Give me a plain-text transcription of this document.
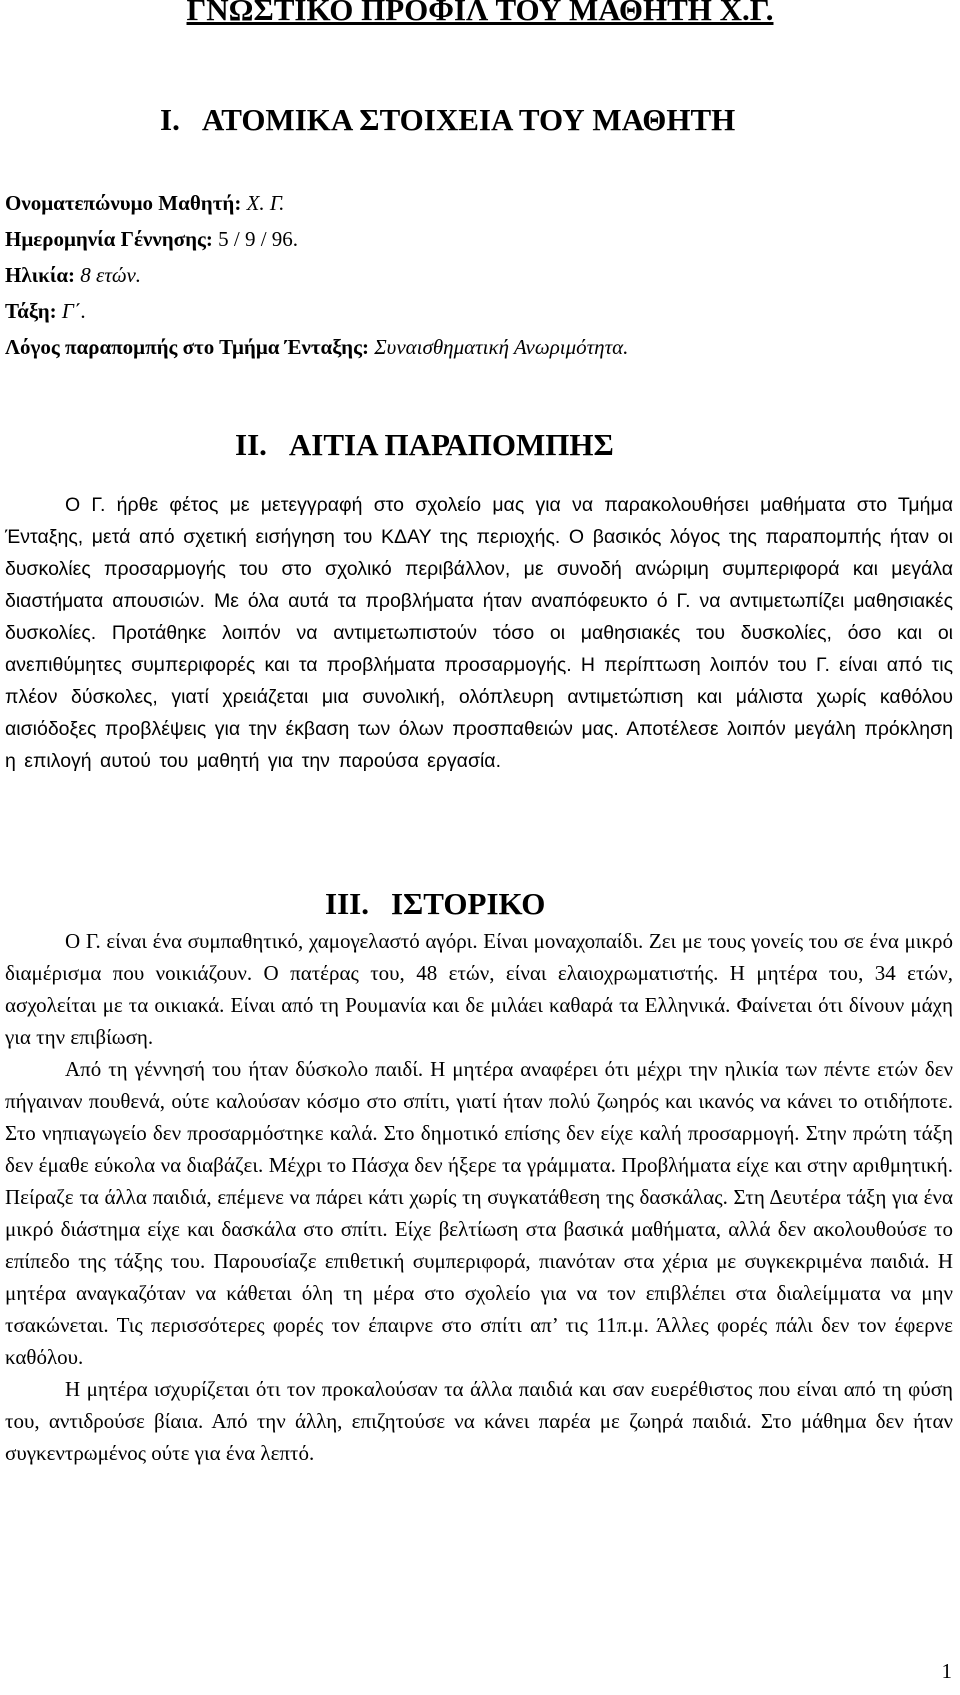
ΓΝΩΣΤΙΚΟ ΠΡΟΦΙΛ ΤΟΥ ΜΑΘΗΤΗ Χ.Γ.
I. ΑΤΟΜΙΚΑ ΣΤΟΙΧΕΙΑ ΤΟΥ ΜΑΘΗΤΗ
Ονοματεπώνυμο Μαθητή: Χ. Γ.
Ημερομηνία Γέννησης: 5 / 9 / 96.
Ηλικία: 8 ετών.
Τάξη: Γ΄.
Λόγος παραπομπής στο Τμήμα Ένταξης: Συναισθηματική Ανωριμότητα.
II. ΑΙΤΙΑ ΠΑΡΑΠΟΜΠΗΣ

Ο Γ. ήρθε φέτος με μετεγγραφή στο σχολείο μας για να παρακολουθήσει μαθήματα στο Τμήμα Ένταξης, μετά από σχετική εισήγηση του ΚΔΑΥ της περιοχής. Ο βασικός λόγος της παραπομπής ήταν οι δυσκολίες προσαρμογής του στο σχολικό περιβάλλον, με συνοδή ανώριμη συμπεριφορά και μεγάλα διαστήματα απουσιών. Με όλα αυτά τα προβλήματα ήταν αναπόφευκτο ό Γ. να αντιμετωπίζει μαθησιακές δυσκολίες. Προτάθηκε λοιπόν να αντιμετωπιστούν τόσο οι μαθησιακές του δυσκολίες, όσο και οι ανεπιθύμητες συμπεριφορές και τα προβλήματα προσαρμογής. Η περίπτωση λοιπόν του Γ. είναι από τις πλέον δύσκολες, γιατί χρειάζεται μια συνολική, ολόπλευρη αντιμετώπιση και μάλιστα χωρίς καθόλου αισιόδοξες προβλέψεις για την έκβαση των όλων προσπαθειών μας. Αποτέλεσε λοιπόν μεγάλη πρόκληση η επιλογή αυτού του μαθητή για την παρούσα εργασία.

III. ΙΣΤΟΡΙΚΟ

Ο Γ. είναι ένα συμπαθητικό, χαμογελαστό αγόρι. Είναι μοναχοπαίδι. Ζει με τους γονείς του σε ένα μικρό διαμέρισμα που νοικιάζουν. Ο πατέρας του, 48 ετών, είναι ελαιοχρωματιστής. Η μητέρα του, 34 ετών, ασχολείται με τα οικιακά. Είναι από τη Ρουμανία και δε μιλάει καθαρά τα Ελληνικά. Φαίνεται ότι δίνουν μάχη για την επιβίωση.

Από τη γέννησή του ήταν δύσκολο παιδί. Η μητέρα αναφέρει ότι μέχρι την ηλικία των πέντε ετών δεν πήγαιναν πουθενά, ούτε καλούσαν κόσμο στο σπίτι, γιατί ήταν πολύ ζωηρός και ικανός να κάνει το οτιδήποτε. Στο νηπιαγωγείο δεν προσαρμόστηκε καλά. Στο δημοτικό επίσης δεν είχε καλή προσαρμογή. Στην πρώτη τάξη δεν έμαθε εύκολα να διαβάζει. Μέχρι το Πάσχα δεν ήξερε τα γράμματα. Προβλήματα είχε και στην αριθμητική. Πείραζε τα άλλα παιδιά, επέμενε να πάρει κάτι χωρίς τη συγκατάθεση της δασκάλας. Στη Δευτέρα τάξη για ένα μικρό διάστημα είχε και δασκάλα στο σπίτι. Είχε βελτίωση στα βασικά μαθήματα, αλλά δεν ακολουθούσε το επίπεδο της τάξης του. Παρουσίαζε επιθετική συμπεριφορά, πιανόταν στα χέρια με συγκεκριμένα παιδιά. Η μητέρα αναγκαζόταν να κάθεται όλη τη μέρα στο σχολείο για να τον επιβλέπει στα διαλείμματα να μην τσακώνεται. Τις περισσότερες φορές τον έπαιρνε στο σπίτι απ’ τις 11π.μ. Άλλες φορές πάλι δεν τον έφερνε καθόλου.

Η μητέρα ισχυρίζεται ότι τον προκαλούσαν τα άλλα παιδιά και σαν ευερέθιστος που είναι από τη φύση του, αντιδρούσε βίαια. Από την άλλη, επιζητούσε να κάνει παρέα με ζωηρά παιδιά. Στο μάθημα δεν ήταν συγκεντρωμένος ούτε για ένα λεπτό.

1
